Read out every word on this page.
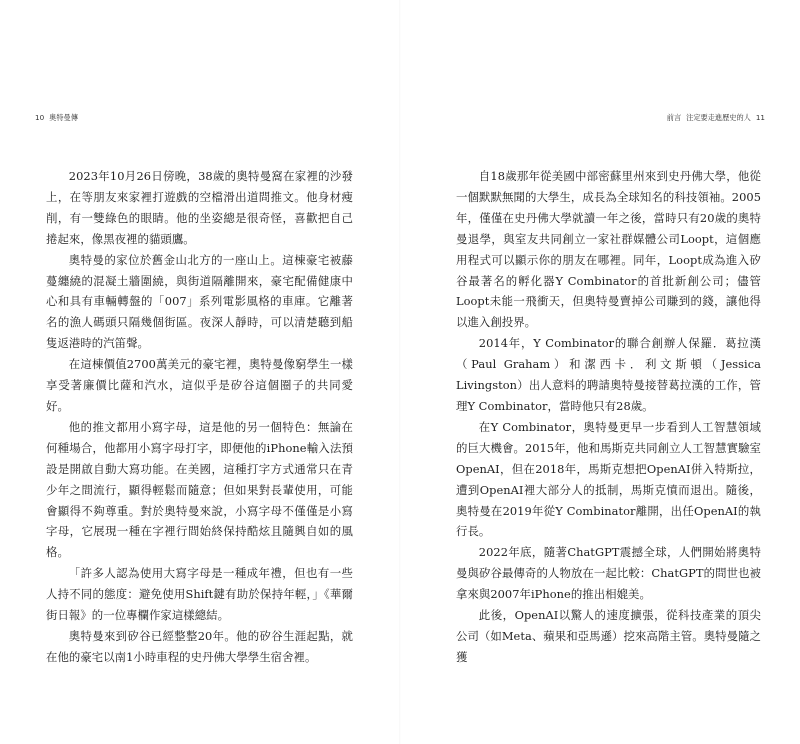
10 奧特曼傳

2023年10月26日傍晚，38歲的奧特曼窩在家裡的沙發上，在等朋友來家裡打遊戲的空檔滑出道問推文。他身材瘦削，有一雙綠色的眼睛。他的坐姿總是很奇怪，喜歡把自己捲起來，像黑夜裡的貓頭鷹。

奧特曼的家位於舊金山北方的一座山上。這棟豪宅被藤蔓纏繞的混凝土牆圍繞，與街道隔離開來，豪宅配備健康中心和具有車輛轉盤的「007」系列電影風格的車庫。它離著名的漁人碼頭只隔幾個街區。夜深人靜時，可以清楚聽到船隻返港時的汽笛聲。

在這棟價值2700萬美元的豪宅裡，奧特曼像窮學生一樣享受著廉價比薩和汽水，這似乎是矽谷這個圈子的共同愛好。

他的推文都用小寫字母，這是他的另一個特色：無論在何種場合，他都用小寫字母打字，即便他的iPhone輸入法預設是開啟自動大寫功能。在美國，這種打字方式通常只在青少年之間流行，顯得輕鬆而隨意；但如果對長輩使用，可能會顯得不夠尊重。對於奧特曼來說，小寫字母不僅僅是小寫字母，它展現一種在字裡行間始終保持酷炫且隨興自如的風格。

「許多人認為使用大寫字母是一種成年禮，但也有一些人持不同的態度：避免使用Shift鍵有助於保持年輕，」《華爾街日報》的一位專欄作家這樣總結。

奧特曼來到矽谷已經整整20年。他的矽谷生涯起點，就在他的豪宅以南1小時車程的史丹佛大學學生宿舍裡。

前言 注定要走進歷史的人 11

自18歲那年從美國中部密蘇里州來到史丹佛大學，他從一個默默無聞的大學生，成長為全球知名的科技領袖。2005年，僅僅在史丹佛大學就讀一年之後，當時只有20歲的奧特曼退學，與室友共同創立一家社群媒體公司Loopt，這個應用程式可以顯示你的朋友在哪裡。同年，Loopt成為進入矽谷最著名的孵化器Y Combinator的首批新創公司；儘管Loopt未能一飛衝天，但奧特曼賣掉公司賺到的錢，讓他得以進入創投界。

2014年，Y Combinator的聯合創辦人保羅．葛拉漢（Paul Graham）和潔西卡．利文斯頓（Jessica Livingston）出人意料的聘請奧特曼接替葛拉漢的工作，管理Y Combinator，當時他只有28歲。

在Y Combinator，奧特曼更早一步看到人工智慧領域的巨大機會。2015年，他和馬斯克共同創立人工智慧實驗室OpenAI，但在2018年，馬斯克想把OpenAI併入特斯拉，遭到OpenAI裡大部分人的抵制，馬斯克憤而退出。隨後，奧特曼在2019年從Y Combinator離開，出任OpenAI的執行長。

2022年底，隨著ChatGPT震撼全球，人們開始將奧特曼與矽谷最傳奇的人物放在一起比較：ChatGPT的問世也被拿來與2007年iPhone的推出相媲美。

此後，OpenAI以驚人的速度擴張，從科技產業的頂尖公司（如Meta、蘋果和亞馬遜）挖來高階主管。奧特曼隨之獲
